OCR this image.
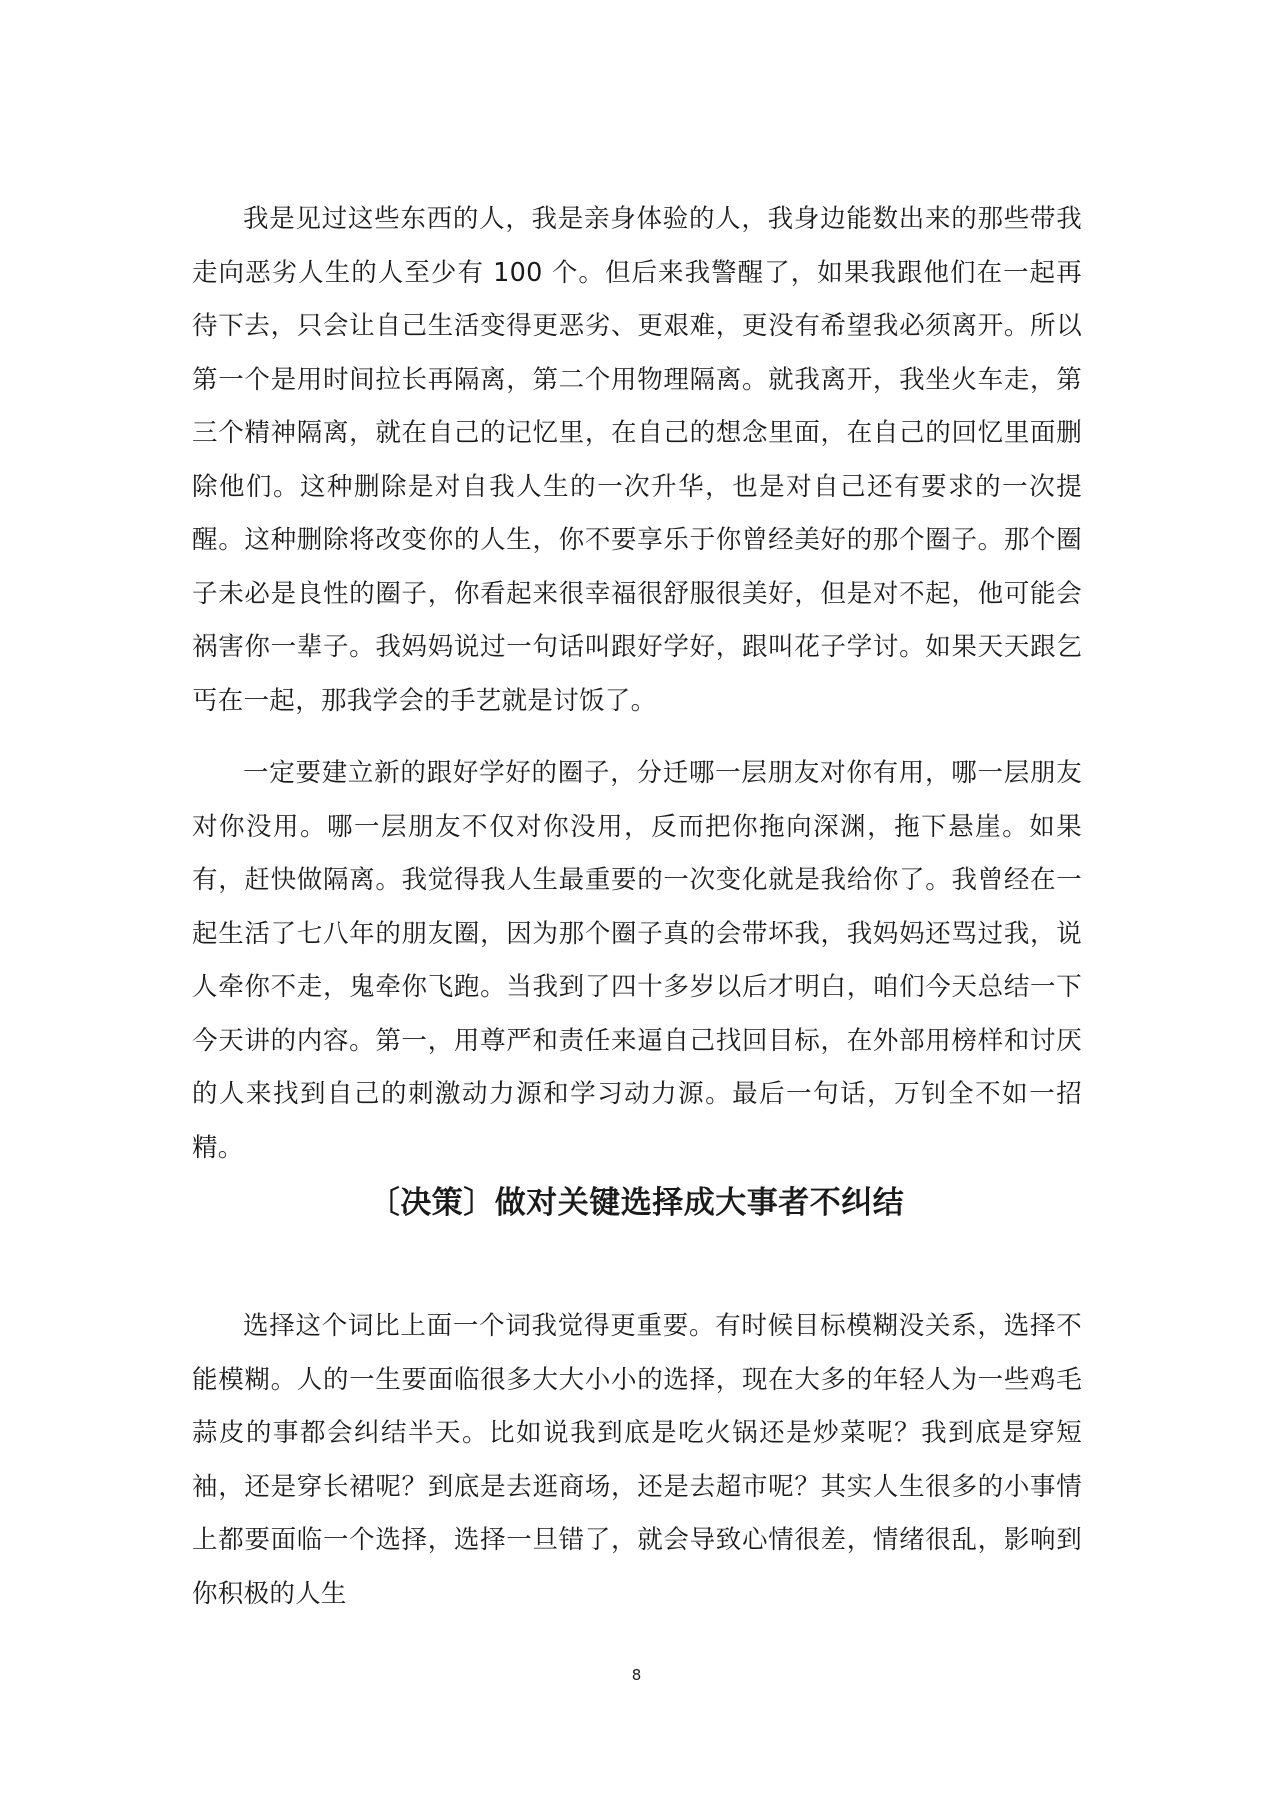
我是见过这些东西的人，我是亲身体验的人，我身边能数出来的那些带我走向恶劣人生的人至少有 100 个。但后来我警醒了，如果我跟他们在一起再待下去，只会让自己生活变得更恶劣、更艰难，更没有希望我必须离开。所以第一个是用时间拉长再隔离，第二个用物理隔离。就我离开，我坐火车走，第三个精神隔离，就在自己的记忆里，在自己的想念里面，在自己的回忆里面删除他们。这种删除是对自我人生的一次升华，也是对自己还有要求的一次提醒。这种删除将改变你的人生，你不要享乐于你曾经美好的那个圈子。那个圈子未必是良性的圈子，你看起来很幸福很舒服很美好，但是对不起，他可能会祸害你一辈子。我妈妈说过一句话叫跟好学好，跟叫花子学讨。如果天天跟乞丐在一起，那我学会的手艺就是讨饭了。

一定要建立新的跟好学好的圈子，分迁哪一层朋友对你有用，哪一层朋友对你没用。哪一层朋友不仅对你没用，反而把你拖向深渊，拖下悬崖。如果有，赶快做隔离。我觉得我人生最重要的一次变化就是我给你了。我曾经在一起生活了七八年的朋友圈，因为那个圈子真的会带坏我，我妈妈还骂过我，说人牵你不走，鬼牵你飞跑。当我到了四十多岁以后才明白，咱们今天总结一下今天讲的内容。第一，用尊严和责任来逼自己找回目标，在外部用榜样和讨厌的人来找到自己的刺激动力源和学习动力源。最后一句话，万钊全不如一招精。

〔决策〕做对关键选择成大事者不纠结

选择这个词比上面一个词我觉得更重要。有时候目标模糊没关系，选择不能模糊。人的一生要面临很多大大小小的选择，现在大多的年轻人为一些鸡毛蒜皮的事都会纠结半天。比如说我到底是吃火锅还是炒菜呢？我到底是穿短袖，还是穿长裙呢？到底是去逛商场，还是去超市呢？其实人生很多的小事情上都要面临一个选择，选择一旦错了，就会导致心情很差，情绪很乱，影响到你积极的人生

8
